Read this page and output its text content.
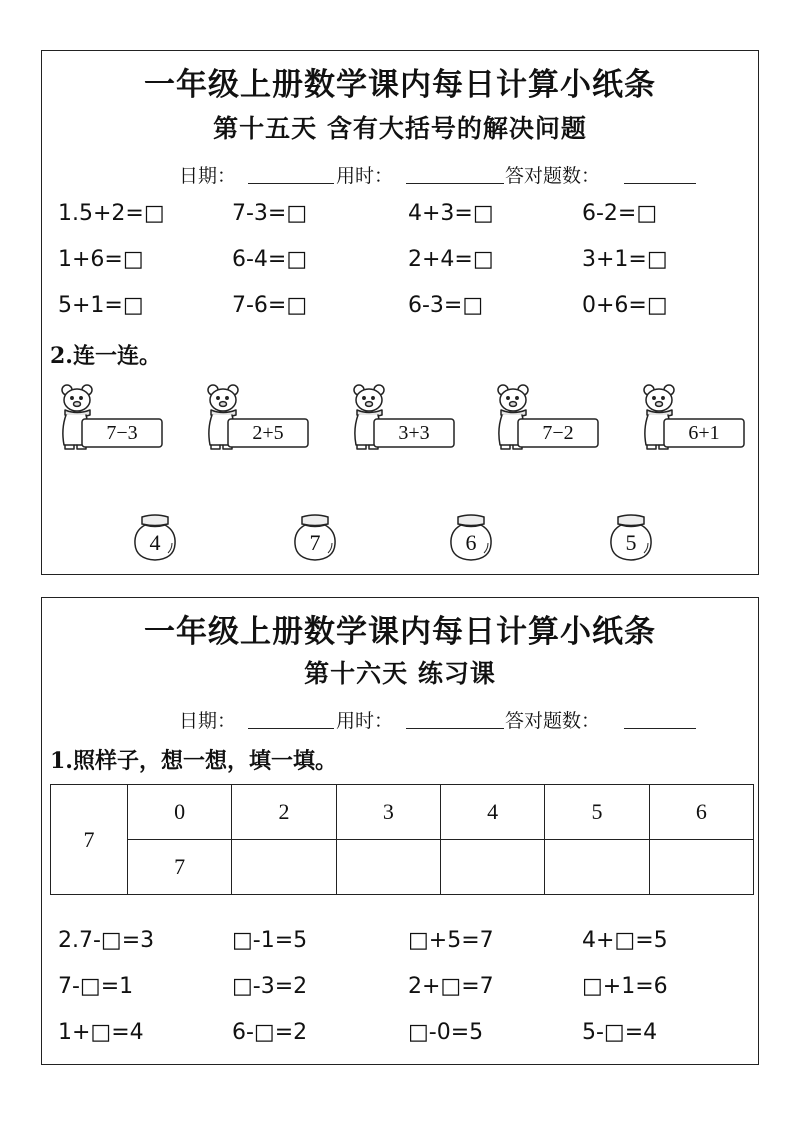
一年级上册数学课内每日计算小纸条
第十五天 含有大括号的解决问题
日期：	用时：	答对题数：
1.5+2=□	7-3=□	4+3=□	6-2=□
1+6=□	6-4=□	2+4=□	3+1=□
5+1=□	7-6=□	6-3=□	0+6=□
2.连一连。
7−3	2+5	3+3	7−2	6+1
4	7	6	5
一年级上册数学课内每日计算小纸条
第十六天 练习课
日期：	用时：	答对题数：
1.照样子，想一想，填一填。
7	0	2	3	4	5	6
	7					
2.7-□=3	□-1=5	□+5=7	4+□=5
7-□=1	□-3=2	2+□=7	□+1=6
1+□=4	6-□=2	□-0=5	5-□=4
